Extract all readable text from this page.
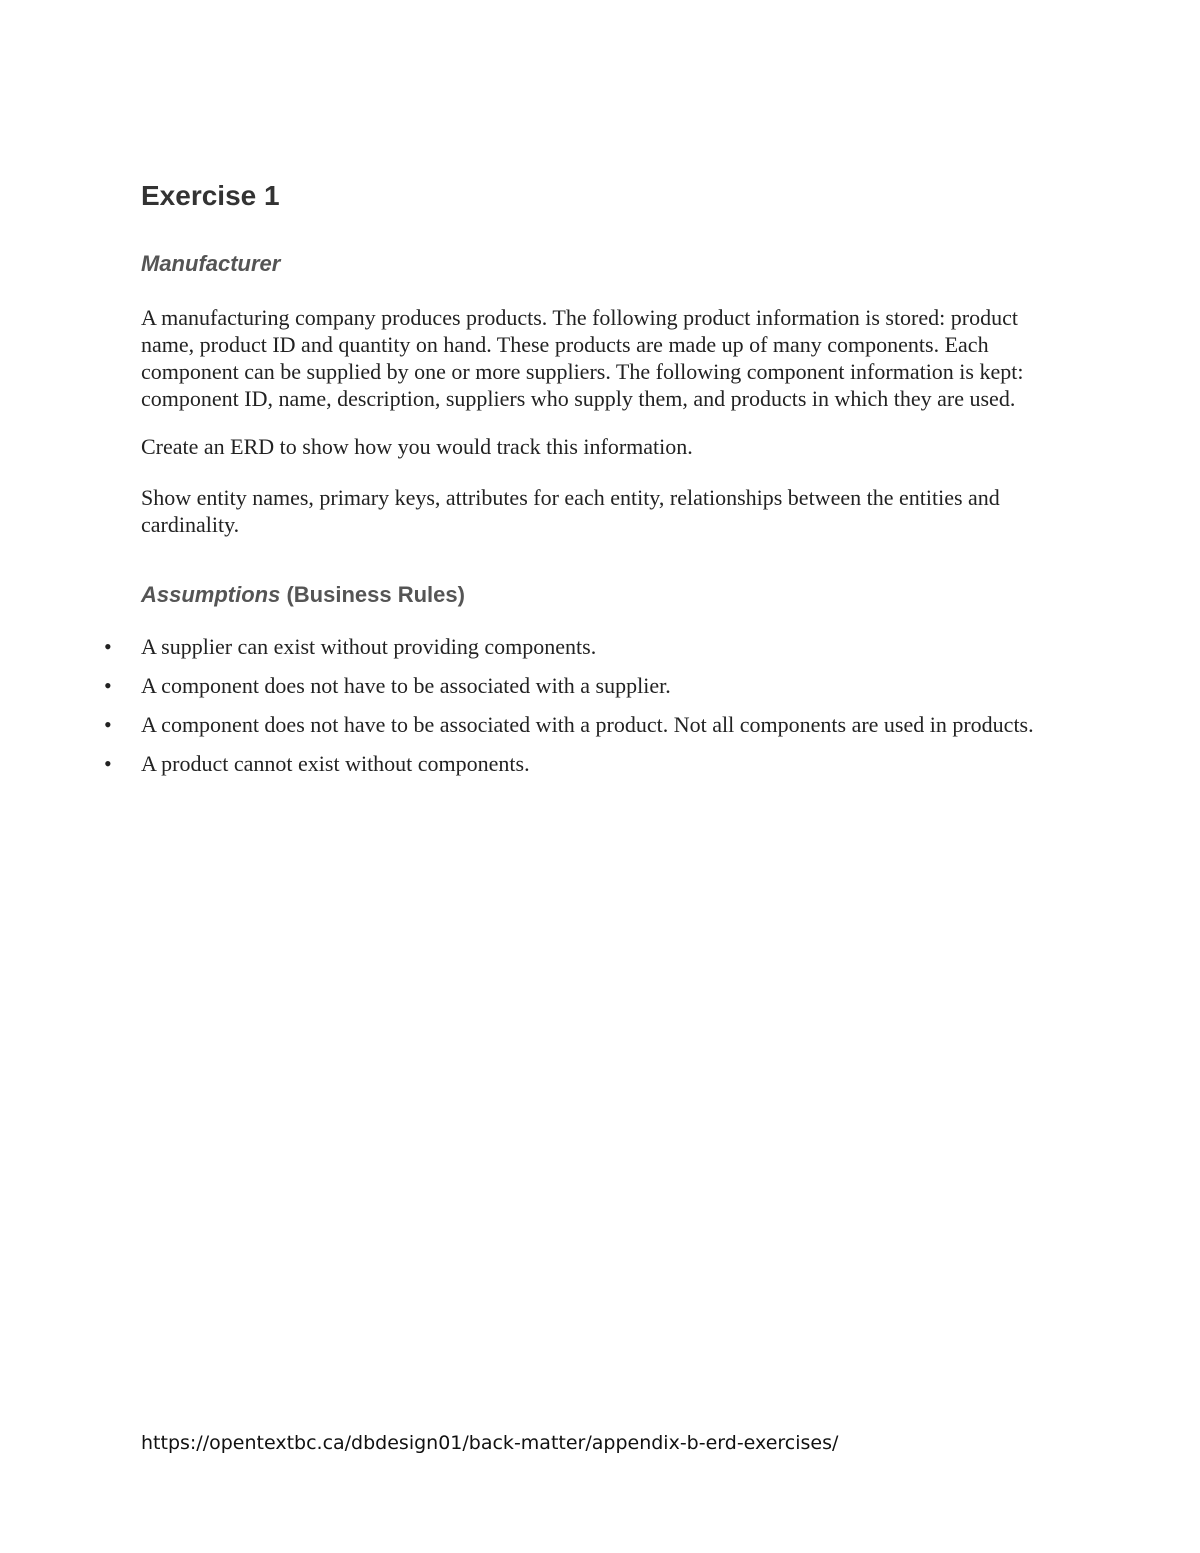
Exercise 1
Manufacturer

A manufacturing company produces products. The following product information is stored: product name, product ID and quantity on hand. These products are made up of many components. Each component can be supplied by one or more suppliers. The following component information is kept: component ID, name, description, suppliers who supply them, and products in which they are used.

Create an ERD to show how you would track this information.

Show entity names, primary keys, attributes for each entity, relationships between the entities and cardinality.

Assumptions (Business Rules)
• A supplier can exist without providing components.
• A component does not have to be associated with a supplier.
• A component does not have to be associated with a product. Not all components are used in products.
• A product cannot exist without components.
https://opentextbc.ca/dbdesign01/back-matter/appendix-b-erd-exercises/
